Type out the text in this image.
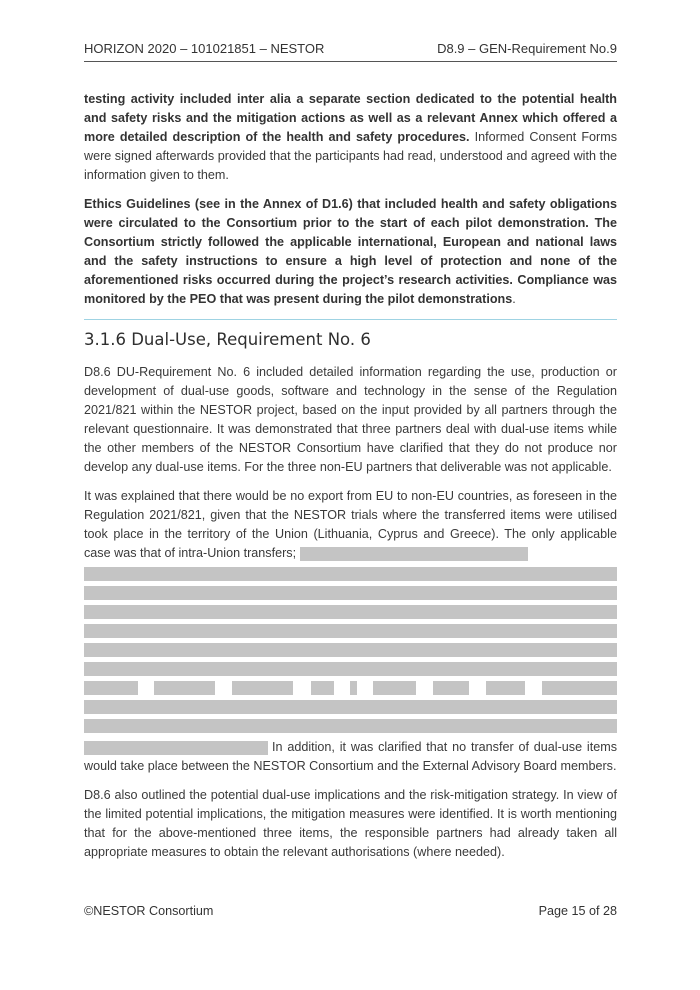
HORIZON 2020 – 101021851 – NESTOR	D8.9 – GEN-Requirement No.9

testing activity included inter alia a separate section dedicated to the potential health and safety risks and the mitigation actions as well as a relevant Annex which offered a more detailed description of the health and safety procedures. Informed Consent Forms were signed afterwards provided that the participants had read, understood and agreed with the information given to them.

Ethics Guidelines (see in the Annex of D1.6) that included health and safety obligations were circulated to the Consortium prior to the start of each pilot demonstration. The Consortium strictly followed the applicable international, European and national laws and the safety instructions to ensure a high level of protection and none of the aforementioned risks occurred during the project’s research activities. Compliance was monitored by the PEO that was present during the pilot demonstrations.

3.1.6 Dual-Use, Requirement No. 6

D8.6 DU-Requirement No. 6 included detailed information regarding the use, production or development of dual-use goods, software and technology in the sense of the Regulation 2021/821 within the NESTOR project, based on the input provided by all partners through the relevant questionnaire. It was demonstrated that three partners deal with dual-use items while the other members of the NESTOR Consortium have clarified that they do not produce nor develop any dual-use items. For the three non-EU partners that deliverable was not applicable.

It was explained that there would be no export from EU to non-EU countries, as foreseen in the Regulation 2021/821, given that the NESTOR trials where the transferred items were utilised took place in the territory of the Union (Lithuania, Cyprus and Greece). The only applicable case was that of intra-Union transfers;

In addition, it was clarified that no transfer of dual-use items would take place between the NESTOR Consortium and the External Advisory Board members.

D8.6 also outlined the potential dual-use implications and the risk-mitigation strategy. In view of the limited potential implications, the mitigation measures were identified. It is worth mentioning that for the above-mentioned three items, the responsible partners had already taken all appropriate measures to obtain the relevant authorisations (where needed).

©NESTOR Consortium	Page 15 of 28
